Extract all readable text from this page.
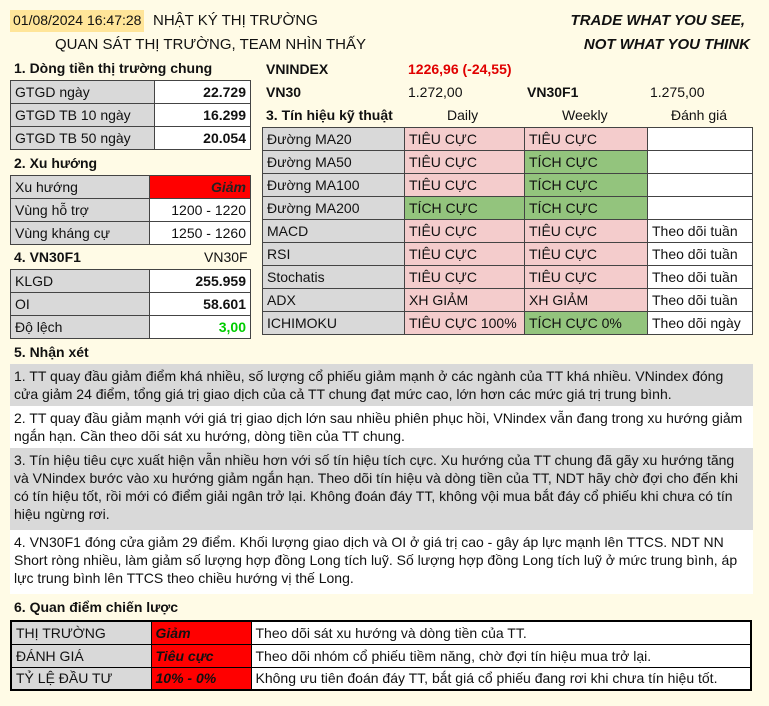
01/08/2024 16:47:28 NHẬT KÝ THỊ TRƯỜNG
QUAN SÁT THỊ TRƯỜNG, TEAM NHÌN THẤY
TRADE WHAT YOU SEE,
NOT WHAT YOU THINK
1. Dòng tiền thị trường chung
GTGD ngày	22.729
GTGD TB 10 ngày	16.299
GTGD TB 50 ngày	20.054
2. Xu hướng
Xu hướng	Giảm
Vùng hỗ trợ	1200 - 1220
Vùng kháng cự	1250 - 1260
4. VN30F1	VN30F
KLGD	255.959
OI	58.601
Độ lệch	3,00
VNINDEX	1226,96 (-24,55)
VN30	1.272,00	VN30F1	1.275,00
3. Tín hiệu kỹ thuật	Daily	Weekly	Đánh giá
Đường MA20	TIÊU CỰC	TIÊU CỰC	
Đường MA50	TIÊU CỰC	TÍCH CỰC	
Đường MA100	TIÊU CỰC	TÍCH CỰC	
Đường MA200	TÍCH CỰC	TÍCH CỰC	
MACD	TIÊU CỰC	TIÊU CỰC	Theo dõi tuần
RSI	TIÊU CỰC	TIÊU CỰC	Theo dõi tuần
Stochatis	TIÊU CỰC	TIÊU CỰC	Theo dõi tuần
ADX	XH GIẢM	XH GIẢM	Theo dõi tuần
ICHIMOKU	TIÊU CỰC 100%	TÍCH CỰC 0%	Theo dõi ngày
5. Nhận xét
1. TT quay đầu giảm điểm khá nhiều, số lượng cổ phiếu giảm mạnh ở các ngành của TT khá nhiều. VNindex đóng cửa giảm 24 điểm, tổng giá trị giao dịch của cả TT chung đạt mức cao, lớn hơn các mức giá trị trung bình.
2. TT quay đầu giảm mạnh với giá trị giao dịch lớn sau nhiều phiên phục hồi, VNindex vẫn đang trong xu hướng giảm ngắn hạn. Cần theo dõi sát xu hướng, dòng tiền của TT chung.
3. Tín hiệu tiêu cực xuất hiện vẫn nhiều hơn với số tín hiệu tích cực. Xu hướng của TT chung đã gãy xu hướng tăng và VNindex bước vào xu hướng giảm ngắn hạn. Theo dõi tín hiệu và dòng tiền của TT, NDT hãy chờ đợi cho đến khi có tín hiệu tốt, rồi mới có điểm giải ngân trở lại. Không đoán đáy TT, không vội mua bắt đáy cổ phiếu khi chưa có tín hiệu ngừng rơi.
4. VN30F1 đóng cửa giảm 29 điểm. Khối lượng giao dịch và OI ở giá trị cao - gây áp lực mạnh lên TTCS. NDT NN Short ròng nhiều, làm giảm số lượng hợp đồng Long tích luỹ. Số lượng hợp đồng Long tích luỹ ở mức trung bình, áp lực trung bình lên TTCS theo chiều hướng vị thế Long.
6. Quan điểm chiến lược
THỊ TRƯỜNG	Giảm	Theo dõi sát xu hướng và dòng tiền của TT.
ĐÁNH GIÁ	Tiêu cực	Theo dõi nhóm cổ phiếu tiềm năng, chờ đợi tín hiệu mua trở lại.
TỶ LỆ ĐẦU TƯ	10% - 0%	Không ưu tiên đoán đáy TT, bắt giá cổ phiếu đang rơi khi chưa tín hiệu tốt.
